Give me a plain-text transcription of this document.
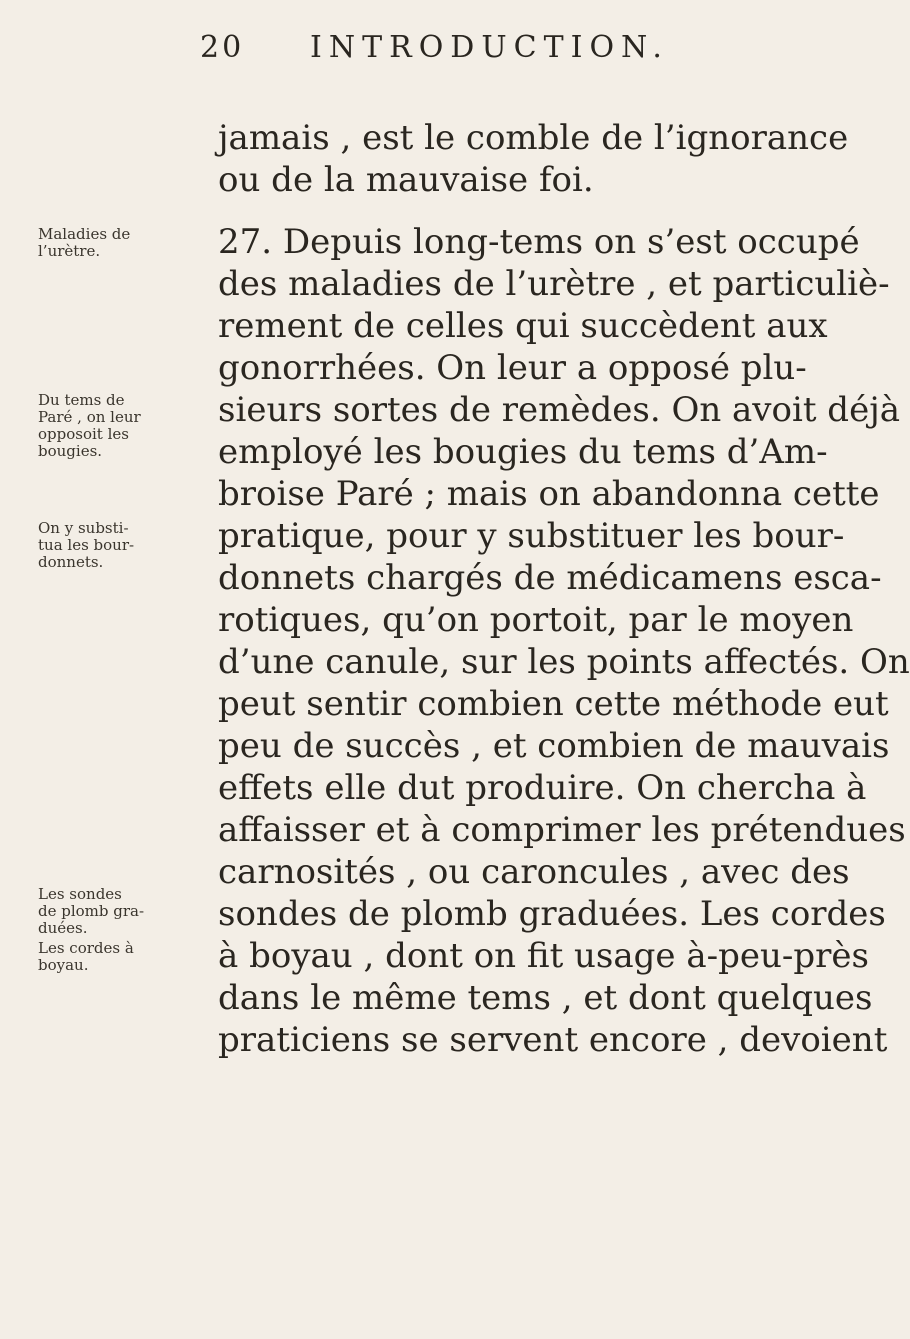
20 INTRODUCTION.
jamais , est le comble de l’ignorance
ou de la mauvaise foi.
27. Depuis long-tems on s’est occupé
des maladies de l’urètre , et particuliè-
rement de celles qui succèdent aux
gonorrhées. On leur a opposé plu-
sieurs sortes de remèdes. On avoit déjà
employé les bougies du tems d’Am-
broise Paré ; mais on abandonna cette
pratique, pour y substituer les bour-
donnets chargés de médicamens esca-
rotiques, qu’on portoit, par le moyen
d’une canule, sur les points affectés. On
peut sentir combien cette méthode eut
peu de succès , et combien de mauvais
effets elle dut produire. On chercha à
affaisser et à comprimer les prétendues
carnosités , ou caroncules , avec des
sondes de plomb graduées. Les cordes
à boyau , dont on fit usage à-peu-près
dans le même tems , et dont quelques
praticiens se servent encore , devoient
Maladies de
l’urètre.
Du tems de
Paré , on leur
opposoit les
bougies.
On y substi-
tua les bour-
donnets.
Les sondes
de plomb gra-
duées.
Les cordes à
boyau.
